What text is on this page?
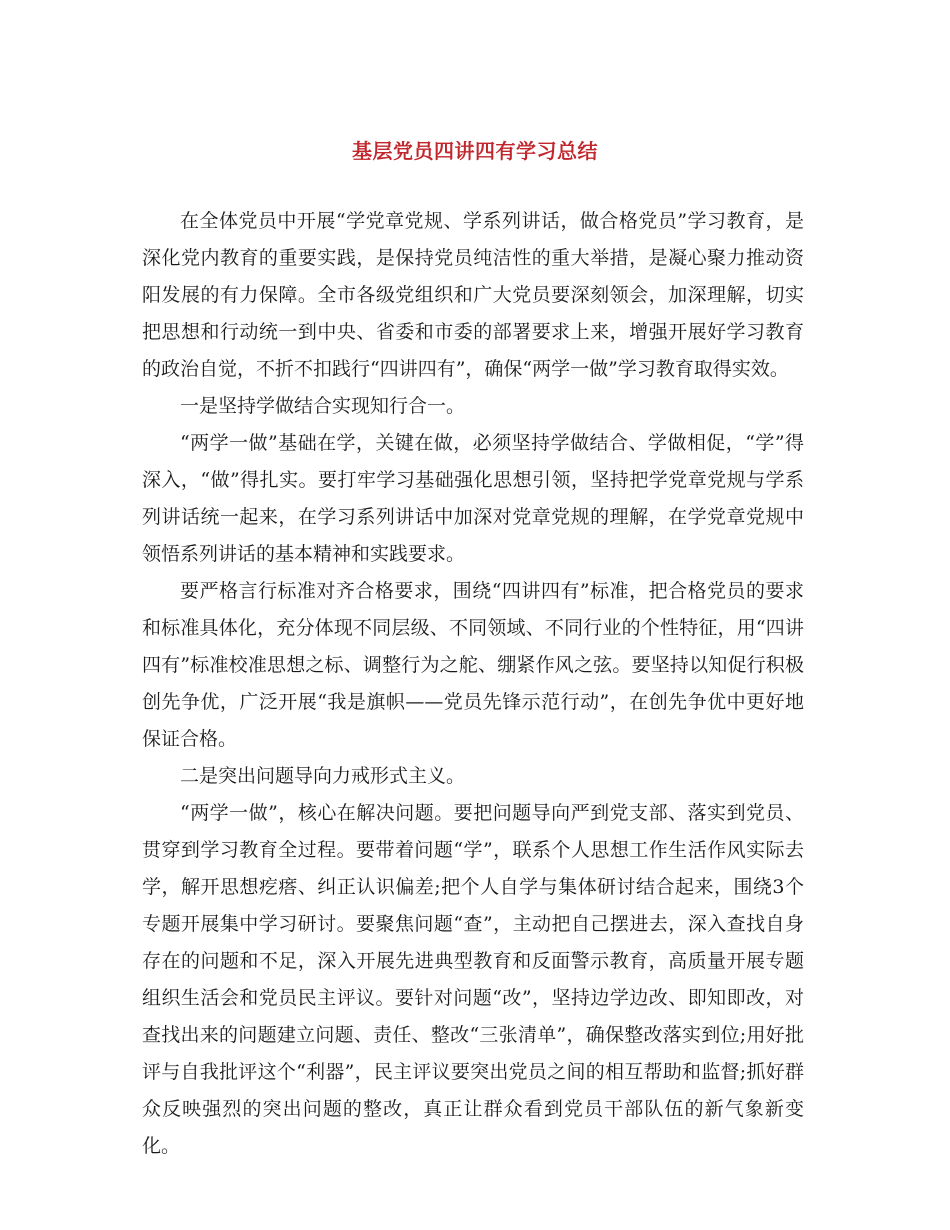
基层党员四讲四有学习总结

在全体党员中开展“学党章党规、学系列讲话，做合格党员”学习教育，是深化党内教育的重要实践，是保持党员纯洁性的重大举措，是凝心聚力推动资阳发展的有力保障。全市各级党组织和广大党员要深刻领会，加深理解，切实把思想和行动统一到中央、省委和市委的部署要求上来，增强开展好学习教育的政治自觉，不折不扣践行“四讲四有”，确保“两学一做”学习教育取得实效。

一是坚持学做结合实现知行合一。

“两学一做”基础在学，关键在做，必须坚持学做结合、学做相促，“学”得深入，“做”得扎实。要打牢学习基础强化思想引领，坚持把学党章党规与学系列讲话统一起来，在学习系列讲话中加深对党章党规的理解，在学党章党规中领悟系列讲话的基本精神和实践要求。

要严格言行标准对齐合格要求，围绕“四讲四有”标准，把合格党员的要求和标准具体化，充分体现不同层级、不同领域、不同行业的个性特征，用“四讲四有”标准校准思想之标、调整行为之舵、绷紧作风之弦。要坚持以知促行积极创先争优，广泛开展“我是旗帜——党员先锋示范行动”，在创先争优中更好地保证合格。

二是突出问题导向力戒形式主义。

“两学一做”，核心在解决问题。要把问题导向严到党支部、落实到党员、贯穿到学习教育全过程。要带着问题“学”，联系个人思想工作生活作风实际去学，解开思想疙瘩、纠正认识偏差;把个人自学与集体研讨结合起来，围绕3个专题开展集中学习研讨。要聚焦问题“查”，主动把自己摆进去，深入查找自身存在的问题和不足，深入开展先进典型教育和反面警示教育，高质量开展专题组织生活会和党员民主评议。要针对问题“改”，坚持边学边改、即知即改，对查找出来的问题建立问题、责任、整改“三张清单”，确保整改落实到位;用好批评与自我批评这个“利器”，民主评议要突出党员之间的相互帮助和监督;抓好群众反映强烈的突出问题的整改，真正让群众看到党员干部队伍的新气象新变化。
